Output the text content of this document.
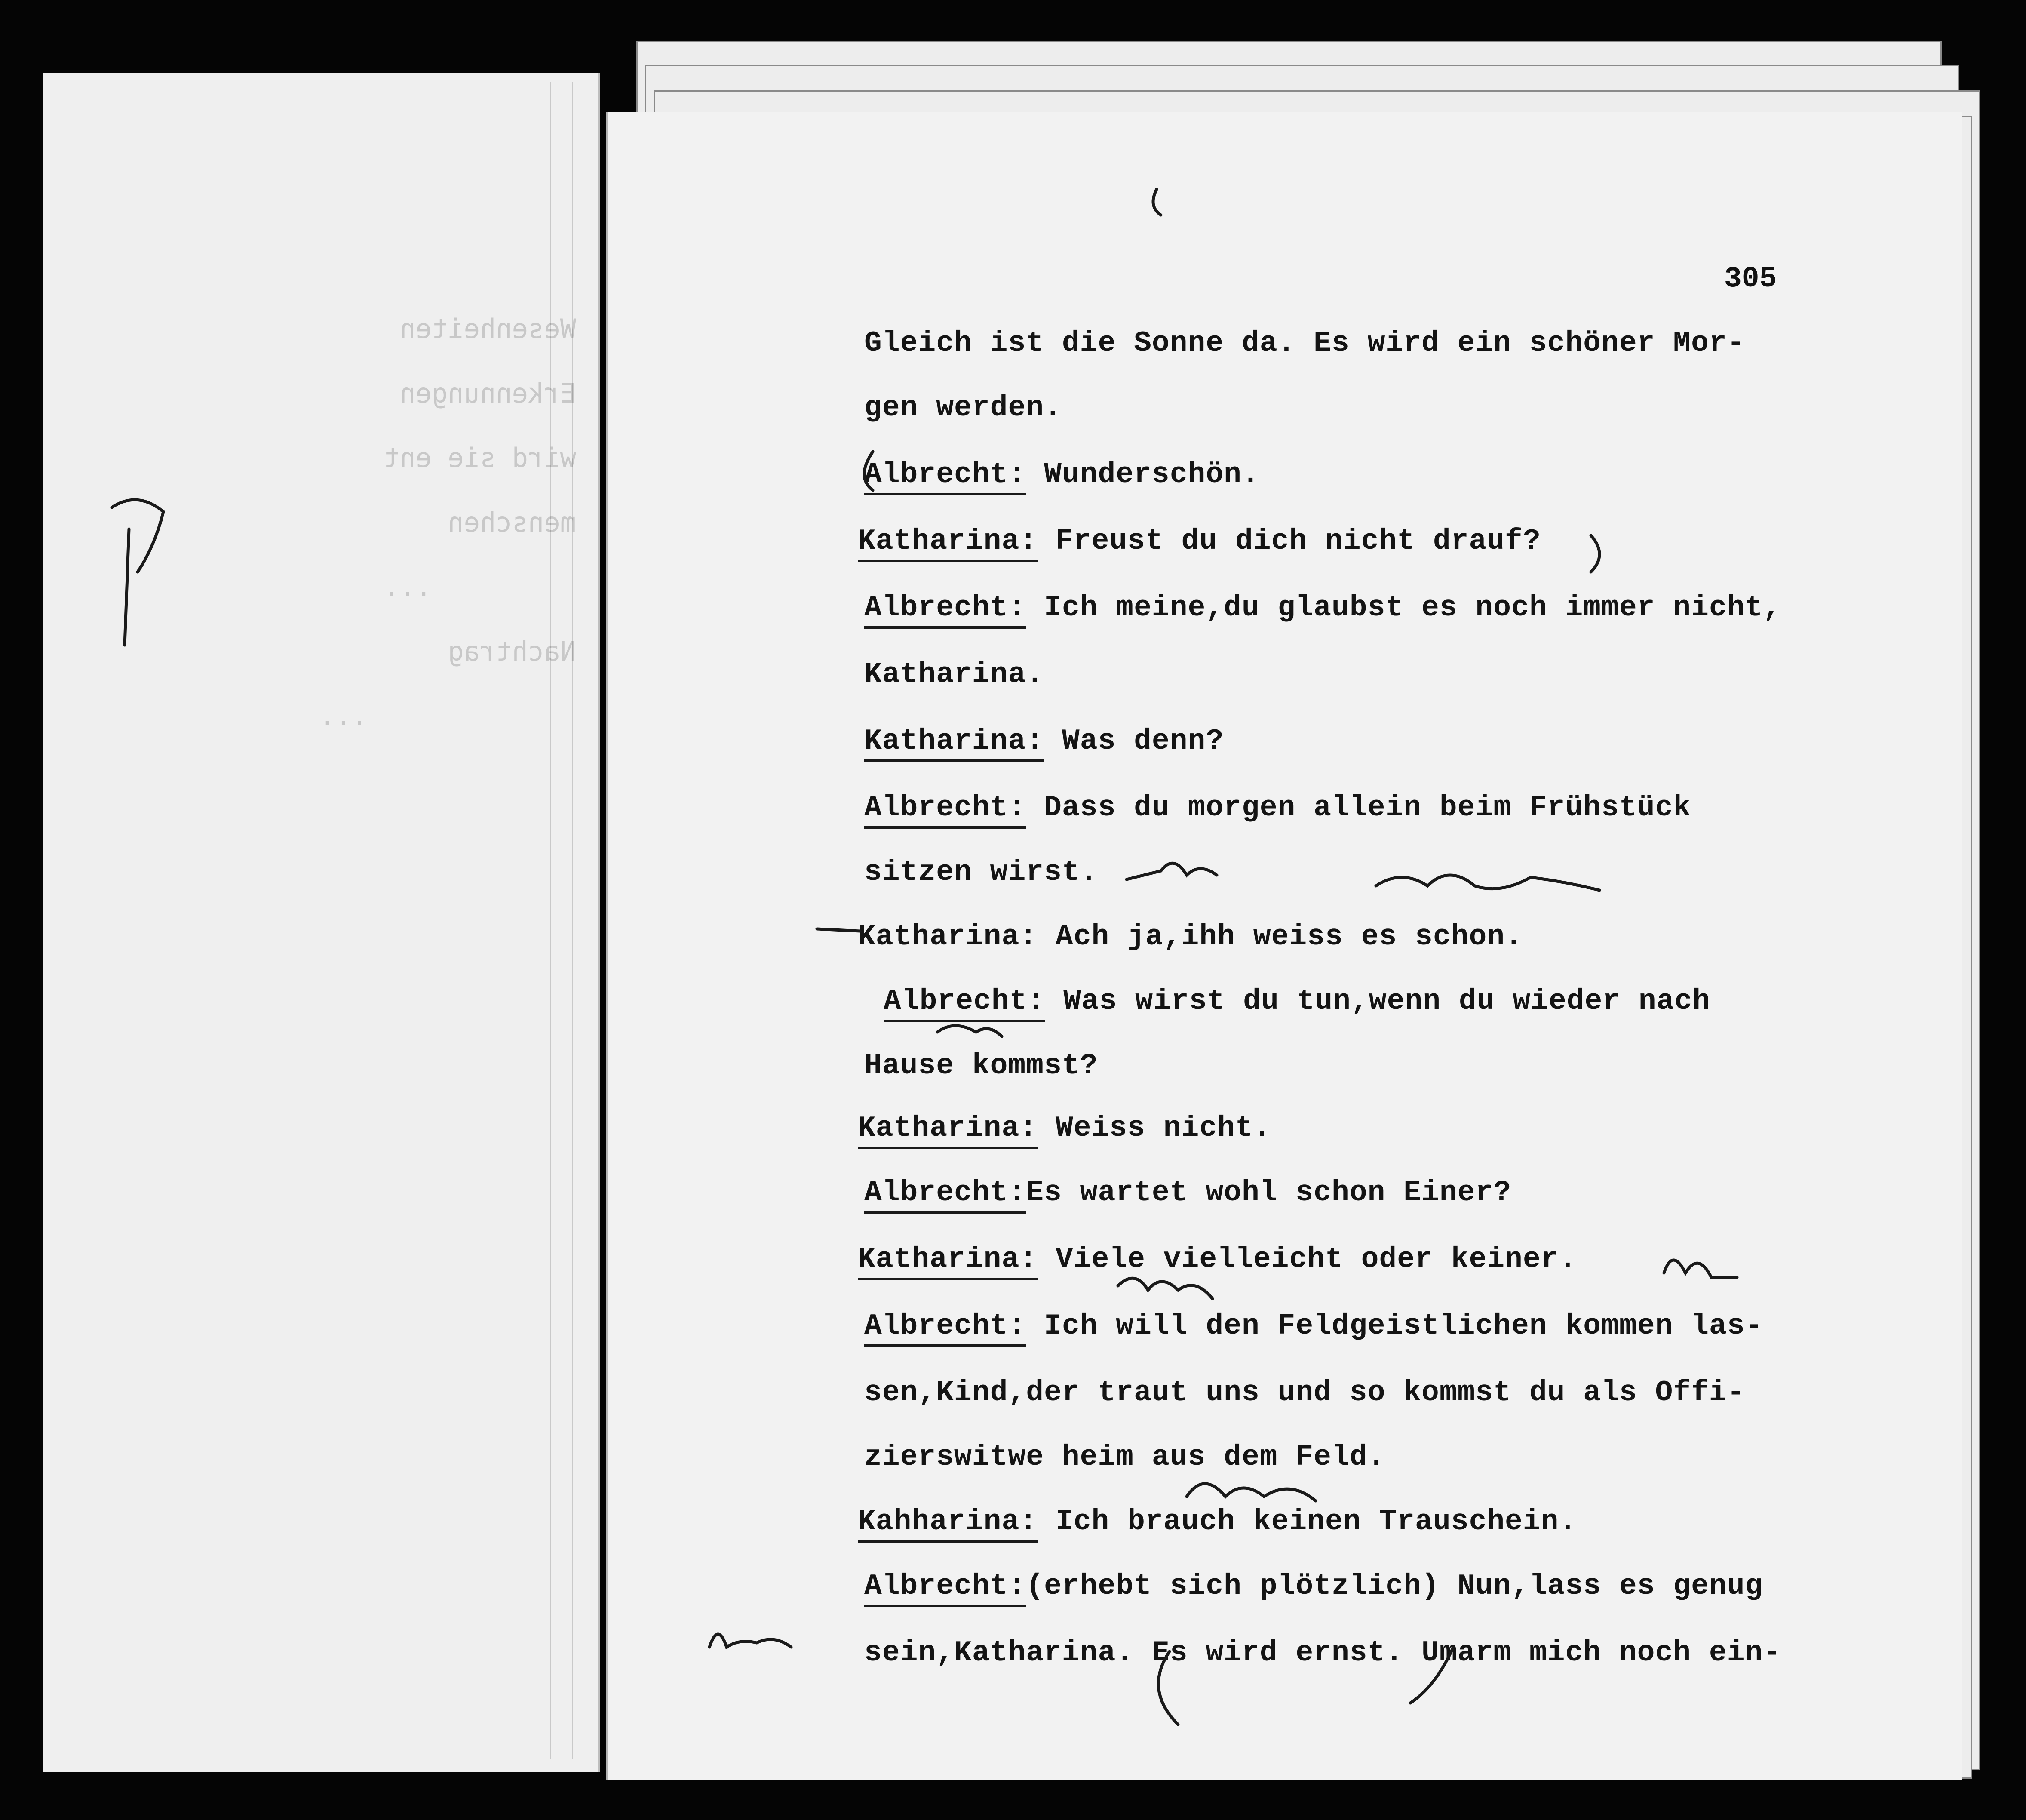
Wesenheiten
Erkennungen
wird sie ent
menschen
...
Nachtrag
...
305
Gleich ist die Sonne da. Es wird ein schöner Mor-
gen werden.
Albrecht: Wunderschön.
Katharina: Freust du dich nicht drauf?
Albrecht: Ich meine,du glaubst es noch immer nicht,
Katharina.
Katharina: Was denn?
Albrecht: Dass du morgen allein beim Frühstück
sitzen wirst.
Katharina: Ach ja,ihh weiss es schon.
Albrecht: Was wirst du tun,wenn du wieder nach
Hause kommst?
Katharina: Weiss nicht.
Albrecht:Es wartet wohl schon Einer?
Katharina: Viele vielleicht oder keiner.
Albrecht: Ich will den Feldgeistlichen kommen las-
sen,Kind,der traut uns und so kommst du als Offi-
zierswitwe heim aus dem Feld.
Kahharina: Ich brauch keinen Trauschein.
Albrecht:(erhebt sich plötzlich) Nun,lass es genug
sein,Katharina. Es wird ernst. Umarm mich noch ein-
